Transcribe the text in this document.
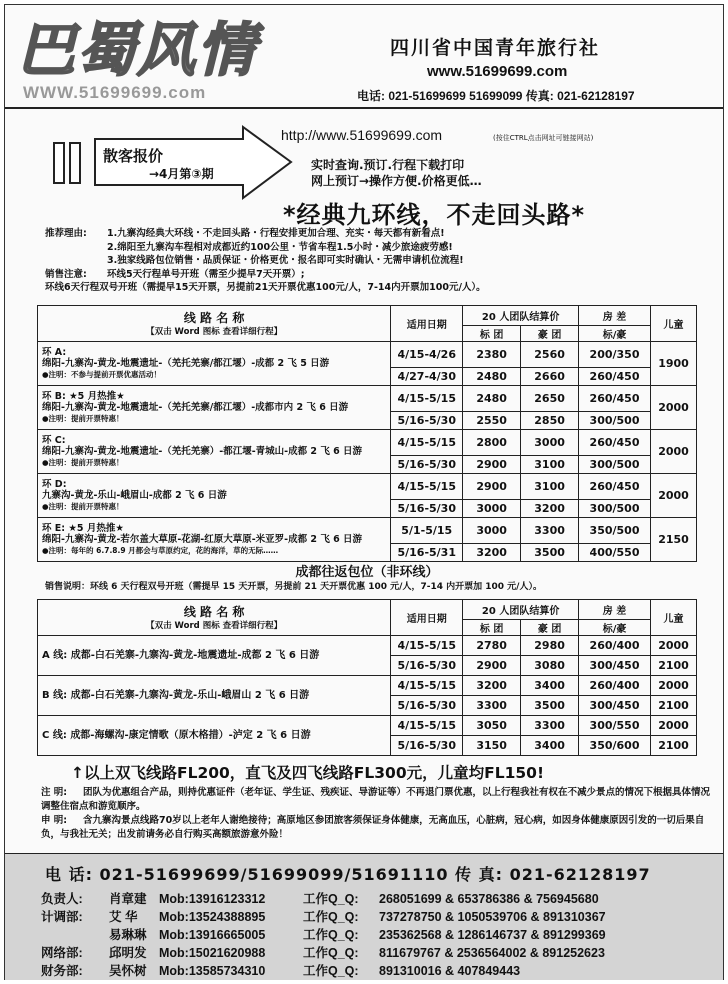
巴蜀风情
WWW.51699699.com
四川省中国青年旅行社
www.51699699.com
电话: 021-51699699 51699099 传真: 021-62128197
散客报价
→4月第③期
http://www.51699699.com	(按住CTRL点击网址可链接网站)
实时查询.预订.行程下载打印
网上预订→操作方便.价格更低…
*经典九环线，不走回头路*
推荐理由: 1.九寨沟经典大环线・不走回头路・行程安排更加合理、充实・每天都有新看点!
2.绵阳至九寨沟车程相对成都近约100公里・节省车程1.5小时・减少旅途疲劳感!
3.独家线路包位销售・品质保证・价格更优・报名即可实时确认・无需申请机位流程!
销售注意: 环线5天行程单号开班（需至少提早7天开票）;
环线6天行程双号开班（需提早15天开票，另提前21天开票优惠100元/人，7-14内开票加100元/人）。
线 路 名 称
【双击 Word 图标 查看详细行程】	适用日期	20 人团队结算价		房 差	儿童
		标 团	豪 团	标/豪	

环 A:
绵阳-九寨沟-黄龙-地震遗址-（羌托羌寨/都江堰）-成都 2 飞 5 日游
●注明：不参与提前开票优惠活动！	4/15-4/26	2380	2560	200/350	1900
	4/27-4/30	2480	2660	260/450	

环 B: ★5 月热推★
绵阳-九寨沟-黄龙-地震遗址-（羌托羌寨/都江堰）-成都市内 2 飞 6 日游
●注明：提前开票特惠！	4/15-5/15	2480	2650	260/450	2000
	5/16-5/30	2550	2850	300/500	

环 C:
绵阳-九寨沟-黄龙-地震遗址-（羌托羌寨）-都江堰-青城山-成都 2 飞 6 日游
●注明：提前开票特惠！	4/15-5/15	2800	3000	260/450	2000
	5/16-5/30	2900	3100	300/500	

环 D:
九寨沟-黄龙-乐山-峨眉山-成都 2 飞 6 日游
●注明：提前开票特惠！	4/15-5/15	2900	3100	260/450	2000
	5/16-5/30	3000	3200	300/500	

环 E: ★5 月热推★
绵阳-九寨沟-黄龙-若尔盖大草原-花湖-红原大草原-米亚罗-成都 2 飞 6 日游
●注明：每年的 6.7.8.9 月都会与草原约定，花的海洋，草的无际……	5/1-5/15	3000	3300	350/500	2150
	5/16-5/31	3200	3500	400/550	
成都往返包位（非环线）
销售说明：环线 6 天行程双号开班（需提早 15 天开票，另提前 21 天开票优惠 100 元/人，7-14 内开票加 100 元/人）。
线 路 名 称
【双击 Word 图标 查看详细行程】	适用日期	20 人团队结算价		房 差	儿童
		标 团	豪 团	标/豪	
A 线: 成都-白石羌寨-九寨沟-黄龙-地震遗址-成都 2 飞 6 日游	4/15-5/15	2780	2980	260/400	2000
	5/16-5/30	2900	3080	300/450	2100
B 线: 成都-白石羌寨-九寨沟-黄龙-乐山-峨眉山 2 飞 6 日游	4/15-5/15	3200	3400	260/400	2000
	5/16-5/30	3300	3500	300/450	2100
C 线: 成都-海螺沟-康定情歌（原木格措）-泸定 2 飞 6 日游	4/15-5/15	3050	3300	300/550	2000
	5/16-5/30	3150	3400	350/600	2100
↑以上双飞线路FL200，直飞及四飞线路FL300元，儿童均FL150!
注 明: 团队为优惠组合产品，则持优惠证件（老年证、学生证、残疾证、导游证等）不再退门票优惠，以上行程我社有权在不减少景点的情况下根据具体情况调整住宿点和游览顺序。
申 明: 含九寨沟景点线路70岁以上老年人谢绝接待；高原地区参团旅客须保证身体健康，无高血压，心脏病，冠心病，如因身体健康原因引发的一切后果自负，与我社无关；出发前请务必自行购买高额旅游意外险！
电 话: 021-51699699/51699099/51691110 传 真: 021-62128197
负责人: 肖章建 Mob:13916123312	工作Q_Q: 268051699 & 653786386 & 756945680
计调部: 艾 华 Mob:13524388895	工作Q_Q: 737278750 & 1050539706 & 891310367
易琳琳 Mob:13916665005	工作Q_Q: 235362568 & 1286146737 & 891299369
网络部: 邱明发 Mob:15021620988	工作Q_Q: 811679767 & 2536564002 & 891252623
财务部: 吴怀树 Mob:13585734310	工作Q_Q: 891310016 & 407849443
